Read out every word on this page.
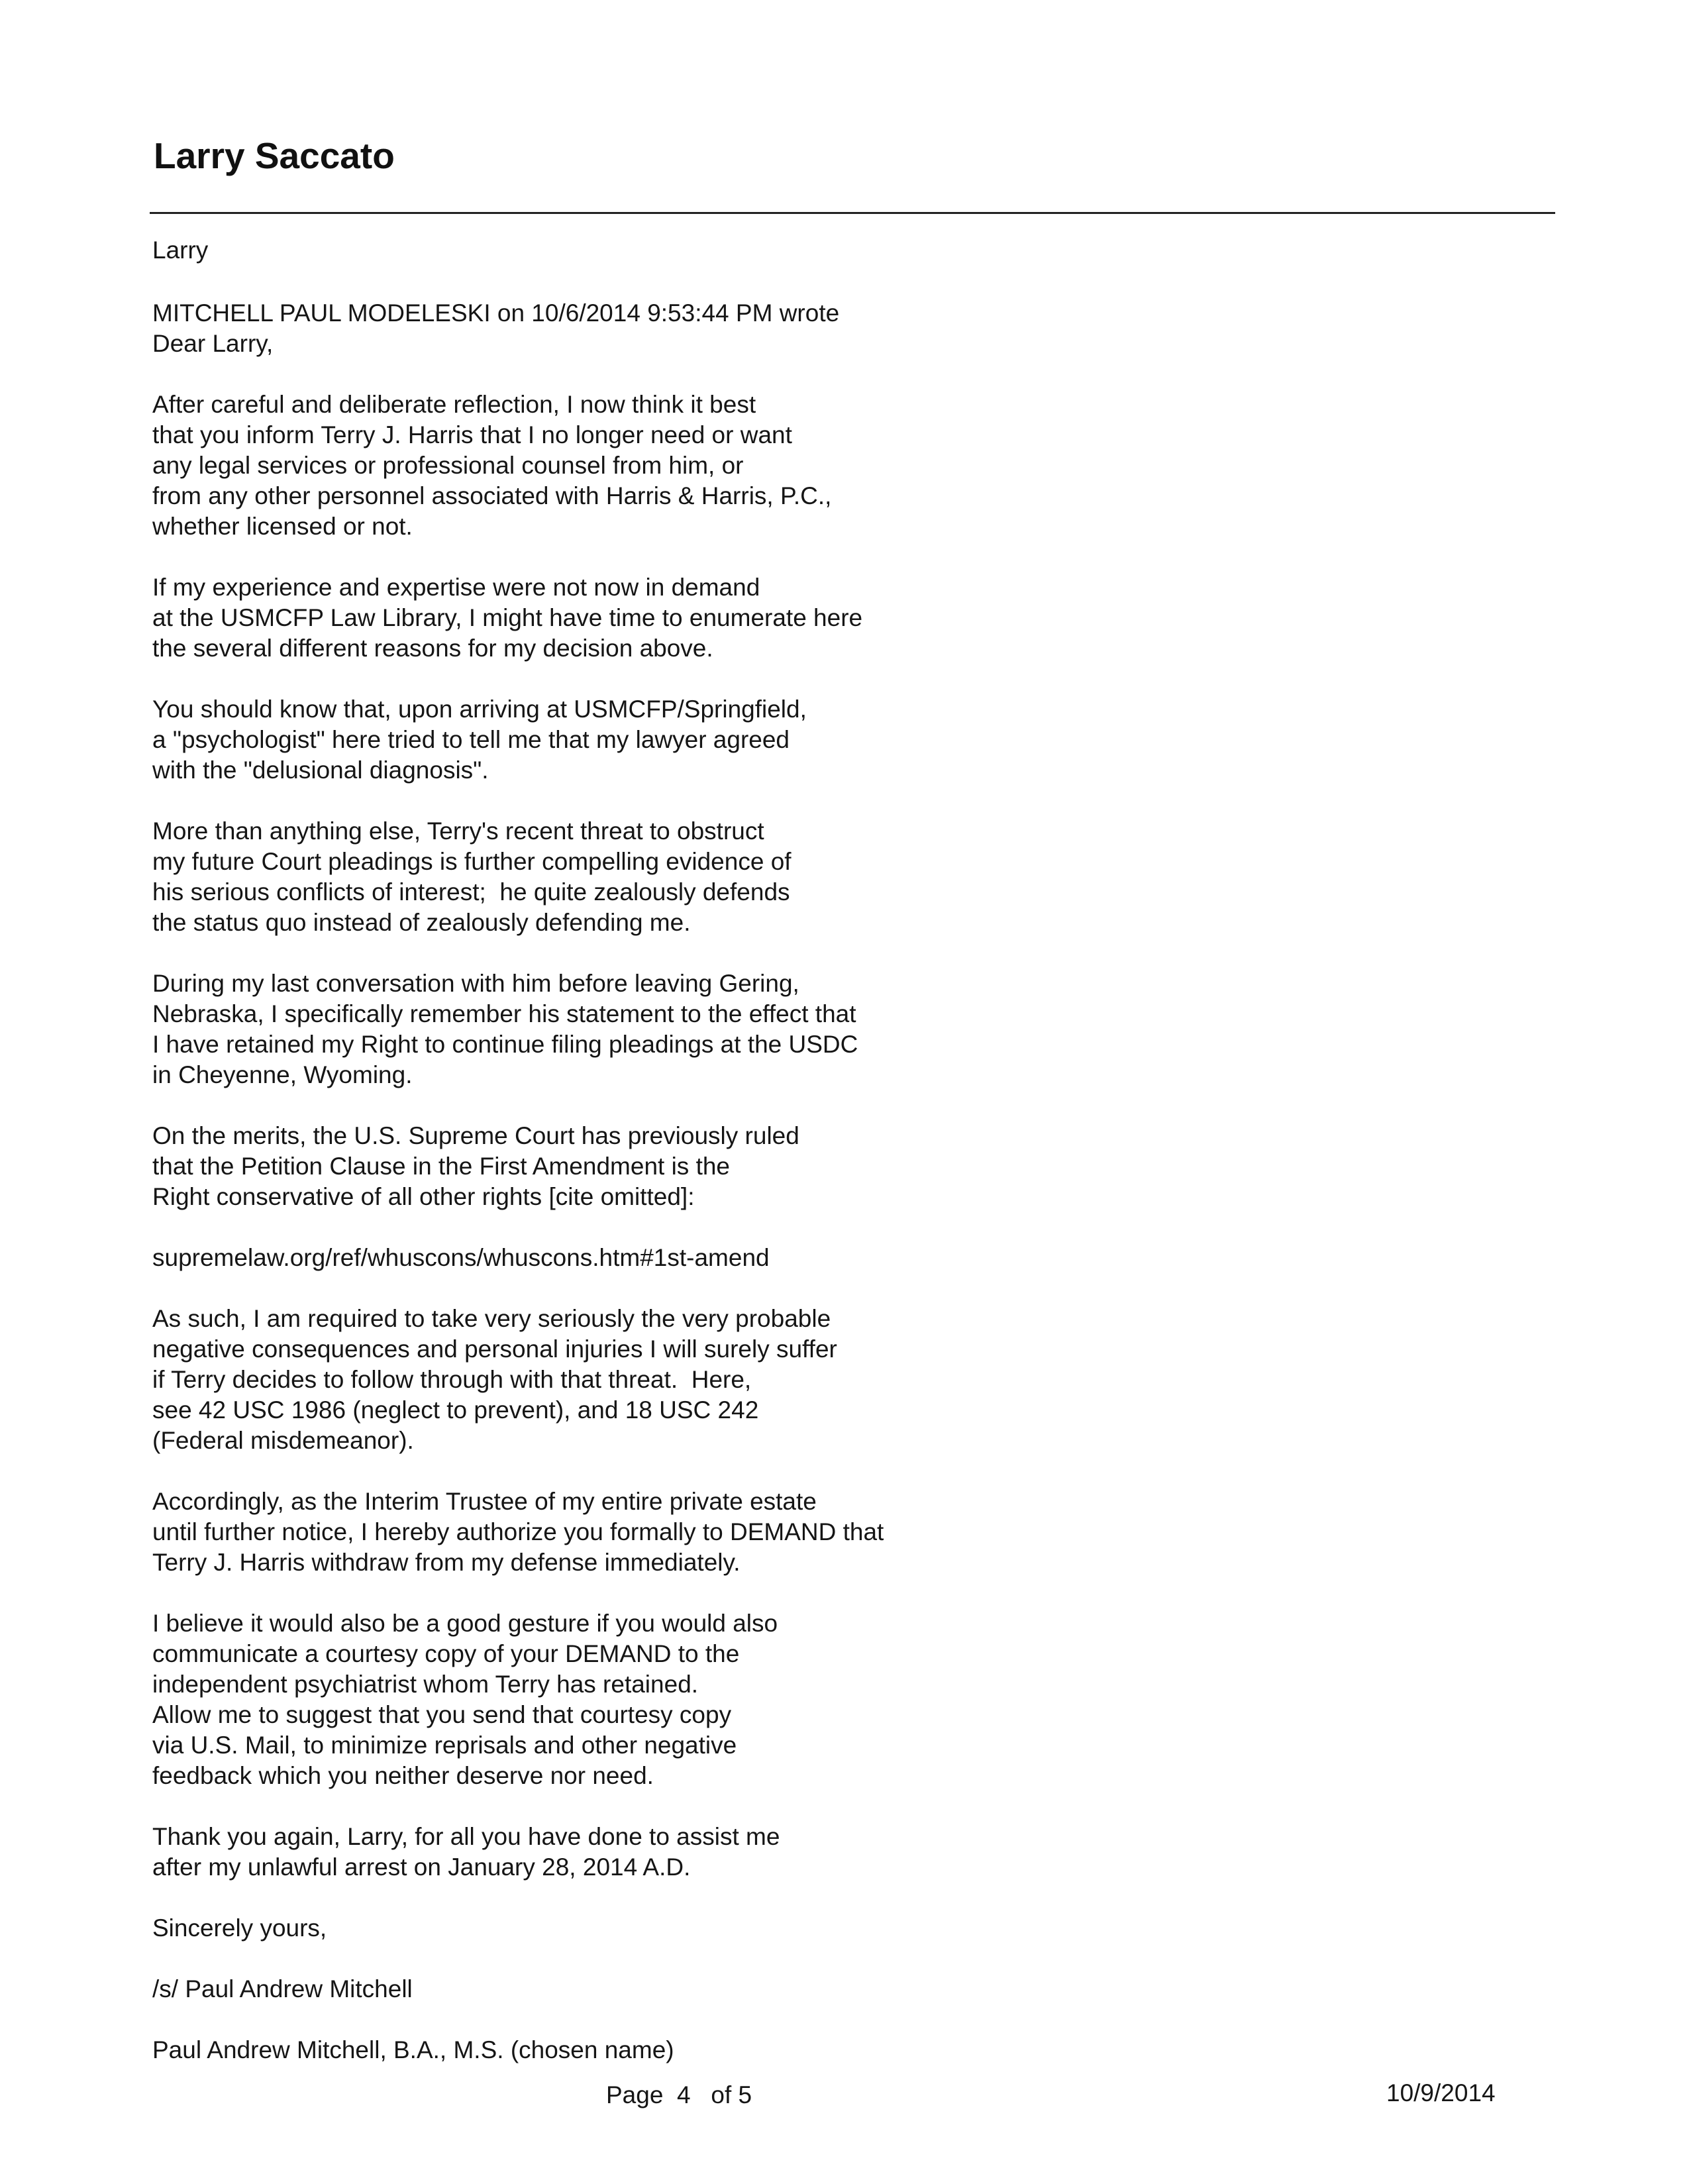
Larry Saccato

Larry

MITCHELL PAUL MODELESKI on 10/6/2014 9:53:44 PM wrote
Dear Larry,
After careful and deliberate reflection, I now think it best
that you inform Terry J. Harris that I no longer need or want
any legal services or professional counsel from him, or
from any other personnel associated with Harris & Harris, P.C.,
whether licensed or not.
If my experience and expertise were not now in demand
at the USMCFP Law Library, I might have time to enumerate here
the several different reasons for my decision above.
You should know that, upon arriving at USMCFP/Springfield,
a "psychologist" here tried to tell me that my lawyer agreed
with the "delusional diagnosis".
More than anything else, Terry's recent threat to obstruct
my future Court pleadings is further compelling evidence of
his serious conflicts of interest;  he quite zealously defends
the status quo instead of zealously defending me.
During my last conversation with him before leaving Gering,
Nebraska, I specifically remember his statement to the effect that
I have retained my Right to continue filing pleadings at the USDC
in Cheyenne, Wyoming.
On the merits, the U.S. Supreme Court has previously ruled
that the Petition Clause in the First Amendment is the
Right conservative of all other rights [cite omitted]:
supremelaw.org/ref/whuscons/whuscons.htm#1st-amend
As such, I am required to take very seriously the very probable
negative consequences and personal injuries I will surely suffer
if Terry decides to follow through with that threat.  Here,
see 42 USC 1986 (neglect to prevent), and 18 USC 242
(Federal misdemeanor).
Accordingly, as the Interim Trustee of my entire private estate
until further notice, I hereby authorize you formally to DEMAND that
Terry J. Harris withdraw from my defense immediately.
I believe it would also be a good gesture if you would also
communicate a courtesy copy of your DEMAND to the
independent psychiatrist whom Terry has retained.
Allow me to suggest that you send that courtesy copy
via U.S. Mail, to minimize reprisals and other negative
feedback which you neither deserve nor need.
Thank you again, Larry, for all you have done to assist me
after my unlawful arrest on January 28, 2014 A.D.
Sincerely yours,
/s/ Paul Andrew Mitchell
Paul Andrew Mitchell, B.A., M.S. (chosen name)
Page  4   of 5	10/9/2014
